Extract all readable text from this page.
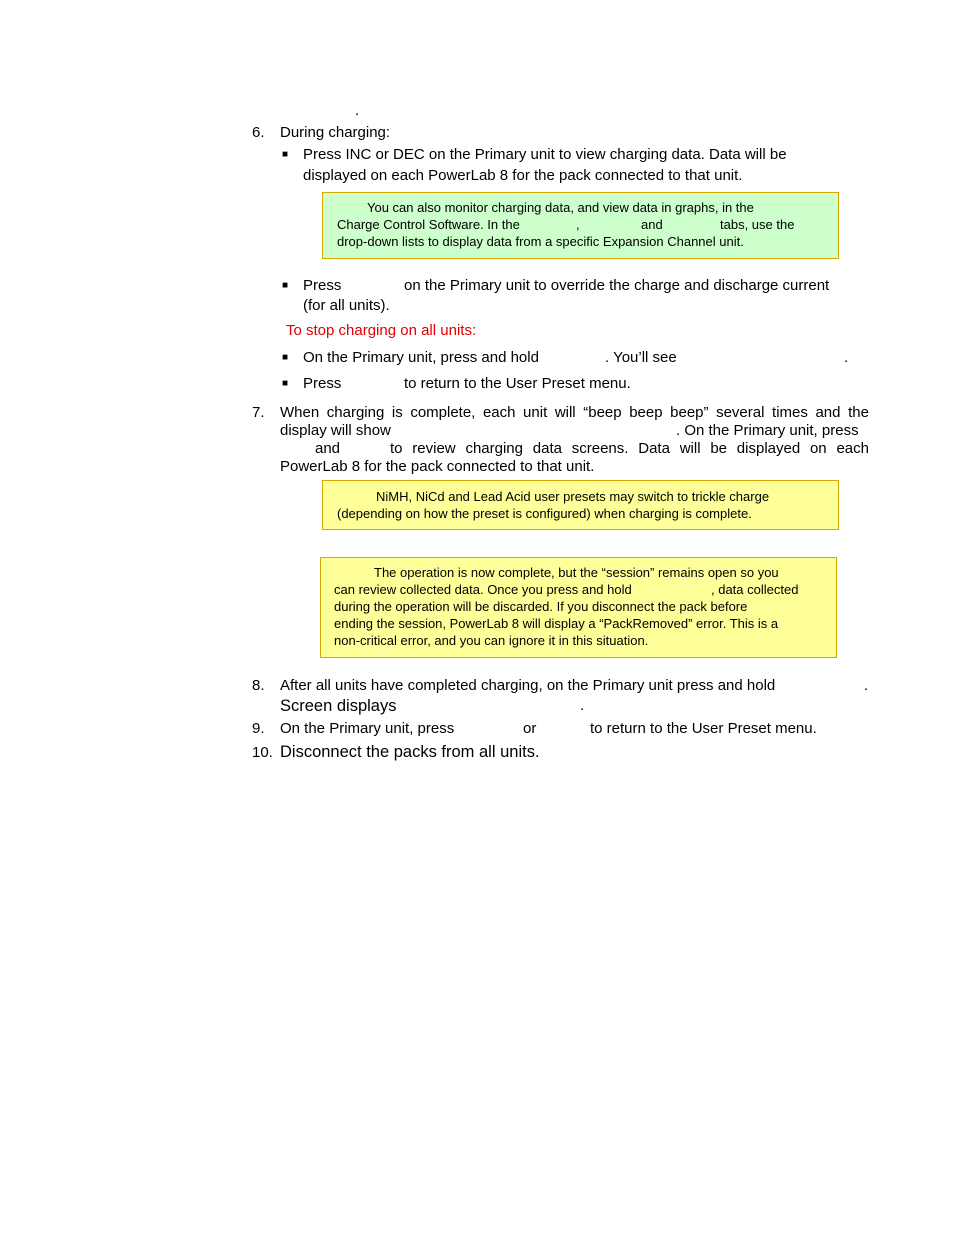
.
6. During charging:
■ Press INC or DEC on the Primary unit to view charging data. Data will be
displayed on each PowerLab 8 for the pack connected to that unit.
You can also monitor charging data, and view data in graphs, in the
Charge Control Software. In the	,	and	tabs, use the
drop-down lists to display data from a specific Expansion Channel unit.
■ Press	on the Primary unit to override the charge and discharge current
(for all units).
To stop charging on all units:
■ On the Primary unit, press and hold	. You’ll see	.
■ Press	to return to the User Preset menu.
7. When charging is complete, each unit will “beep beep beep” several times and the
display will show	. On the Primary unit, press
and	to review charging data screens. Data will be displayed on each
PowerLab 8 for the pack connected to that unit.
NiMH, NiCd and Lead Acid user presets may switch to trickle charge
(depending on how the preset is configured) when charging is complete.
The operation is now complete, but the “session” remains open so you
can review collected data. Once you press and hold	, data collected
during the operation will be discarded. If you disconnect the pack before
ending the session, PowerLab 8 will display a “PackRemoved” error. This is a
non-critical error, and you can ignore it in this situation.
8. After all units have completed charging, on the Primary unit press and hold	.
Screen displays	.
9. On the Primary unit, press	or	to return to the User Preset menu.
10. Disconnect the packs from all units.
